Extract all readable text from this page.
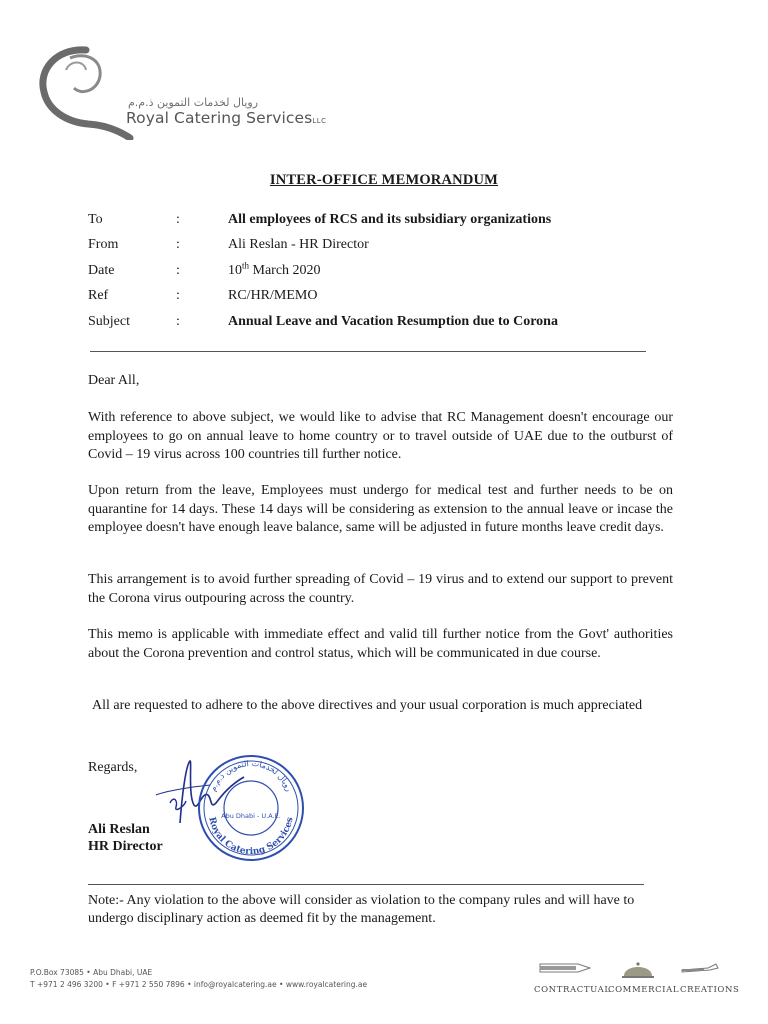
رويال لخدمات التموين ذ.م.م
Royal Catering ServicesLLC
INTER-OFFICE MEMORANDUM
To	:	All employees of RCS and its subsidiary organizations
From	:	Ali Reslan - HR Director
Date	:	10th March 2020
Ref	:	RC/HR/MEMO
Subject	:	Annual Leave and Vacation Resumption due to Corona
Dear All,
With reference to above subject, we would like to advise that RC Management doesn't encourage our employees to go on annual leave to home country or to travel outside of UAE due to the outburst of Covid – 19 virus across 100 countries till further notice.
Upon return from the leave, Employees must undergo for medical test and further needs to be on quarantine for 14 days. These 14 days will be considering as extension to the annual leave or incase the employee doesn't have enough leave balance, same will be adjusted in future months leave credit days.
This arrangement is to avoid further spreading of Covid – 19 virus and to extend our support to prevent the Corona virus outpouring across the country.
This memo is applicable with immediate effect and valid till further notice from the Govt' authorities about the Corona prevention and control status, which will be communicated in due course.
All are requested to adhere to the above directives and your usual corporation is much appreciated
Regards,
Royal Catering Services
رويال لخدمات التموين ذ.م.م
Abu Dhabi - U.A.E.
Ali Reslan
HR Director
Note:- Any violation to the above will consider as violation to the company rules and will have to undergo disciplinary action as deemed fit by the management.
P.O.Box 73085 • Abu Dhabi, UAE
T +971 2 496 3200 • F +971 2 550 7896 • info@royalcatering.ae • www.royalcatering.ae
CONTRACTUAL
COMMERCIAL CREATIONS
